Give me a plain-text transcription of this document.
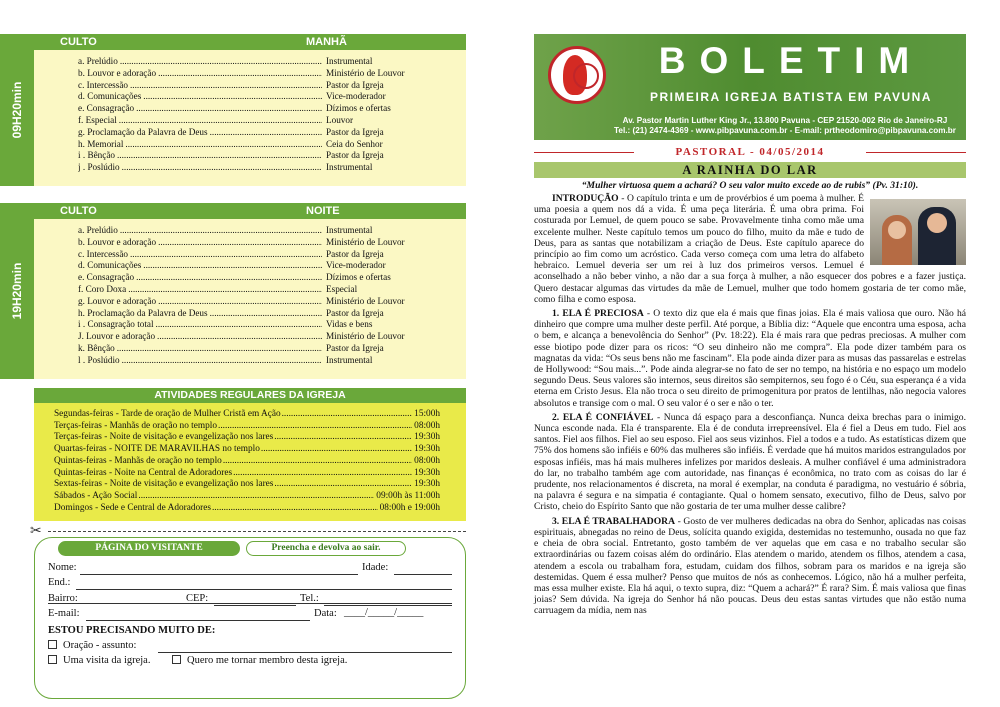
CULTO	MANHÃ
a. Prelúdio .....	Instrumental
b. Louvor e adoração .....	Ministério de Louvor
c. Intercessão .....	Pastor da Igreja
d. Comunicações .....	Vice-moderador
e. Consagração .....	Dízimos e ofertas
f. Especial .....	Louvor
g. Proclamação da Palavra de Deus .....	Pastor da Igreja
h. Memorial .....	Ceia do Senhor
i . Bênção .....	Pastor da Igreja
j . Poslúdio .....	Instrumental
09H20min
CULTO	NOITE
a. Prelúdio .....	Instrumental
b. Louvor e adoração .....	Ministério de Louvor
c. Intercessão .....	Pastor da Igreja
d. Comunicações .....	Vice-moderador
e. Consagração .....	Dízimos e ofertas
f. Coro Doxa .....	Especial
g. Louvor e adoração .....	Ministério de Louvor
h. Proclamação da Palavra de Deus .....	Pastor da Igreja
i . Consagração total .....	Vidas e bens
J. Louvor e adoração .....	Ministério de Louvor
k. Bênção .....	Pastor da Igreja
l . Poslúdio .....	Instrumental
19H20min
ATIVIDADES REGULARES DA IGREJA
Segundas-feiras - Tarde de oração de Mulher Cristã em Ação .....	15:00h
Terças-feiras - Manhãs de oração no templo .....	08:00h
Terças-feiras - Noite de visitação e evangelização nos lares .....	19:30h
Quartas-feiras - NOITE DE MARAVILHAS no templo .....	19:30h
Quintas-feiras - Manhãs de oração no templo .....	08:00h
Quintas-feiras - Noite na Central de Adoradores .....	19:30h
Sextas-feiras - Noite de visitação e evangelização nos lares .....	19:30h
Sábados - Ação Social .....	09:00h às 11:00h
Domingos - Sede e Central de Adoradores .....	08:00h e 19:00h
✂
PÁGINA DO VISITANTE	Preencha e devolva ao sair.
Nome:	Idade:
End.:
Bairro:	CEP:	Tel.:
E-mail:	Data: ____/_____/_____
ESTOU PRECISANDO MUITO DE:
Oração - assunto:
Uma visita da igreja.	Quero me tornar membro desta igreja.
BOLETIM
PRIMEIRA IGREJA BATISTA EM PAVUNA
Av. Pastor Martin Luther King Jr., 13.800 Pavuna - CEP 21520-002 Rio de Janeiro-RJ
Tel.: (21) 2474-4369 - www.pibpavuna.com.br - E-mail: prtheodomiro@pibpavuna.com.br
PASTORAL - 04/05/2014
A RAINHA DO LAR
“Mulher virtuosa quem a achará? O seu valor muito excede ao de rubis” (Pv. 31:10).

INTRODUÇÃO - O capítulo trinta e um de provérbios é um poema à mulher. É uma poesia a quem nos dá a vida. É uma peça literária. É uma obra prima. Foi costurada por Lemuel, de quem pouco se sabe. Provavelmente tinha como mãe uma excelente mulher. Neste capítulo temos um pouco do filho, muito da mãe e tudo de Deus, para as santas que notabilizam a criação de Deus. Este capítulo aparece do princípio ao fim como um acróstico. Cada verso começa com uma letra do alfabeto hebraico. Lemuel deveria ser um rei à luz dos primeiros versos. Lemuel é aconselhado a não beber vinho, a não dar a sua força à mulher, a não esquecer dos pobres e a fazer justiça. Quero destacar algumas das virtudes da mãe de Lemuel, mulher que todo homem gostaria de ter como mãe, como filha e como esposa.

1. ELA É PRECIOSA - O texto diz que ela é mais que finas joias. Ela é mais valiosa que ouro. Não há dinheiro que compre uma mulher deste perfil. Até porque, a Bíblia diz: “Aquele que encontra uma esposa, acha o bem, e alcança a benevolência do Senhor” (Pv. 18:22). Ela é mais rara que pedras preciosas. A mulher com esse biotipo pode dizer para os ricos: “O seu dinheiro não me compra”. Ela pode dizer também para os magnatas da vida: “Os seus bens não me fascinam”. Ela pode ainda dizer para as musas das passarelas e estrelas de Hollywood: “Sou mais...”. Pode ainda alegrar-se no fato de ser no tempo, na história e no espaço um modelo segundo Deus. Seus valores são internos, seus direitos são sempiternos, seu fogo é o Céu, sua esperança é a vida eterna em Cristo Jesus. Ela não troca o seu direito de primogenitura por pratos de lentilhas, não negocia valores absolutos e transige com o mal. O seu valor é o ser e não o ter.

2. ELA É CONFIÁVEL - Nunca dá espaço para a desconfiança. Nunca deixa brechas para o inimigo. Nunca esconde nada. Ela é transparente. Ela é de conduta irrepreensível. Ela é fiel a Deus em tudo. Fiel aos santos. Fiel aos filhos. Fiel ao seu esposo. Fiel aos seus vizinhos. Fiel a todos e a tudo. As estatísticas dizem que 75% dos homens são infiéis e 60% das mulheres são infiéis. É verdade que há muitos maridos estrangulados por esposas infiéis, mas há mais mulheres infelizes por maridos desleais. A mulher confiável é uma administradora do lar, no trabalho também age com autoridade, nas finanças é econômica, no trato com as coisas do lar é prudente, nos relacionamentos é discreta, na moral é exemplar, na conduta é paradigma, no vestuário é sóbria, na palavra é segura e na simpatia é contagiante. Qual o homem sensato, executivo, filho de Deus, salvo por Cristo, cheio do Espírito Santo que não gostaria de ter uma mulher desse calibre?

3. ELA É TRABALHADORA - Gosto de ver mulheres dedicadas na obra do Senhor, aplicadas nas coisas espirituais, abnegadas no reino de Deus, solícita quando exigida, destemidas no testemunho, ousada no que faz e cheia de obra social. Entretanto, gosto também de ver aquelas que em casa e no trabalho secular são extraordinárias ou fazem coisas além do ordinário. Elas atendem o marido, atendem os filhos, atendem a casa, atendem a escola ou trabalham fora, estudam, cuidam dos filhos, sobram para os maridos e na igreja são destemidas. Quem é essa mulher? Penso que muitos de nós as conhecemos. Lógico, não há a mulher perfeita, mas essa mulher existe. Ela há aqui, o texto supra, diz: “Quem a achará?” É rara? Sim. É mais valiosa que finas joias? Sem dúvida. Na igreja do Senhor há não poucas. Deus deu estas santas virtudes que não estão numa carruagem da mídia, nem nas
